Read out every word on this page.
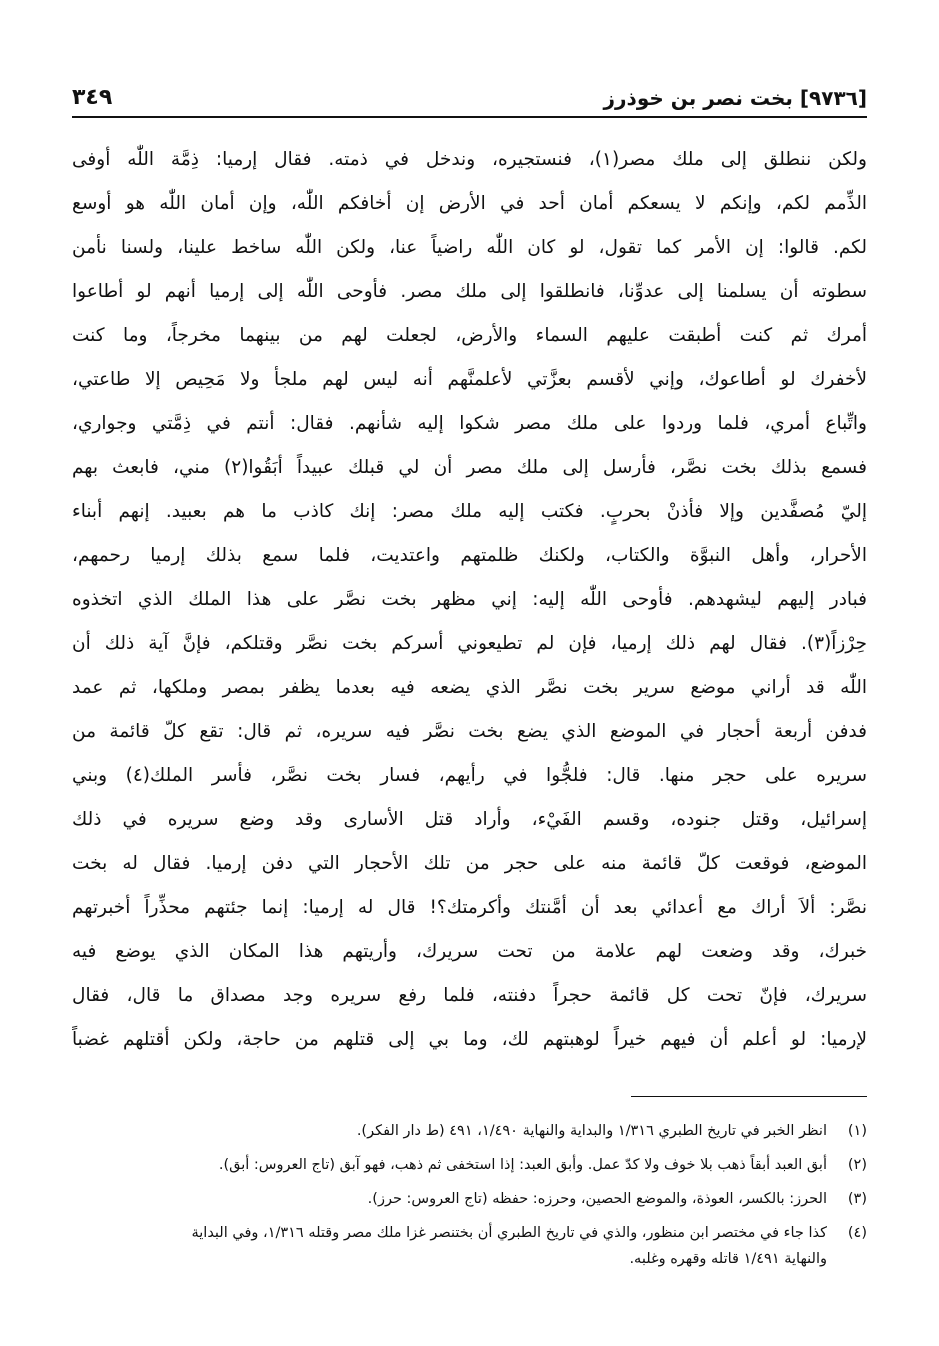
[٩٧٣٦] بخت نصر بن خوذرز
٣٤٩
ولكن ننطلق إلى ملك مصر(١)، فنستجيره، وندخل في ذمته. فقال إرميا: ذِمَّة اللّٰه أوفى
الذِّمم لكم، وإنكم لا يسعكم أمان أحد في الأرض إن أخافكم اللّٰه، وإن أمان اللّٰه هو أوسع
لكم. قالوا: إن الأمر كما تقول، لو كان اللّٰه راضياً عنا، ولكن اللّٰه ساخط علينا، ولسنا نأمن
سطوته أن يسلمنا إلى عدوِّنا، فانطلقوا إلى ملك مصر. فأوحى اللّٰه إلى إرميا أنهم لو أطاعوا
أمرك ثم كنت أطبقت عليهم السماء والأرض، لجعلت لهم من بينهما مخرجاً، وما كنت
لأخفرك لو أطاعوك، وإني لأقسم بعزَّتي لأعلمنَّهم أنه ليس لهم ملجأ ولا مَحِيص إلا طاعتي،
واتِّباع أمري، فلما وردوا على ملك مصر شكوا إليه شأنهم. فقال: أنتم في ذِمَّتي وجواري،
فسمع بذلك بخت نصَّر، فأرسل إلى ملك مصر أن لي قبلك عبيداً أبَقُوا(٢) مني، فابعث بهم
إليّ مُصفَّدين وإلا فأذنْ بحربٍ. فكتب إليه ملك مصر: إنك كاذب ما هم بعبيد. إنهم أبناء
الأحرار، وأهل النبوَّة والكتاب، ولكنك ظلمتهم واعتديت، فلما سمع بذلك إرميا رحمهم،
فبادر إليهم ليشهدهم. فأوحى اللّٰه إليه: إني مظهر بخت نصَّر على هذا الملك الذي اتخذوه
حِرْزاً(٣). فقال لهم ذلك إرميا، فإن لم تطيعوني أسركم بخت نصَّر وقتلكم، فإنَّ آية ذلك أن
اللّٰه قد أراني موضع سرير بخت نصَّر الذي يضعه فيه بعدما يظفر بمصر وملكها، ثم عمد
فدفن أربعة أحجار في الموضع الذي يضع بخت نصَّر فيه سريره، ثم قال: تقع كلّ قائمة من
سريره على حجر منها. قال: فلجُّوا في رأيهم، فسار بخت نصَّر، فأسر الملك(٤) وبني
إسرائيل، وقتل جنوده، وقسم الفَيْء، وأراد قتل الأسارى وقد وضع سريره في ذلك
الموضع، فوقعت كلّ قائمة منه على حجر من تلك الأحجار التي دفن إرميا. فقال له بخت
نصَّر: ألاَ أراك مع أعدائي بعد أن أمَّنتك وأكرمتك؟! قال له إرميا: إنما جئتهم محذِّراً أخبرتهم
خبرك، وقد وضعت لهم علامة من تحت سريرك، وأريتهم هذا المكان الذي يوضع فيه
سريرك، فإنّ تحت كل قائمة حجراً دفنته، فلما رفع سريره وجد مصداق ما قال، فقال
لإرميا: لو أعلم أن فيهم خيراً لوهبتهم لك، وما بي إلى قتلهم من حاجة، ولكن أقتلهم غضباً
(١)
انظر الخبر في تاريخ الطبري ١/٣١٦ والبداية والنهاية ١/٤٩٠، ٤٩١ (ط دار الفكر).
(٢)
أبق العبد أبقاً ذهب بلا خوف ولا كدّ عمل. وأبق العبد: إذا استخفى ثم ذهب، فهو آبق (تاج العروس: أبق).
(٣)
الحرز: بالكسر، العوذة، والموضع الحصين، وحرزه: حفظه (تاج العروس: حرز).
(٤)
كذا جاء في مختصر ابن منظور، والذي في تاريخ الطبري أن بختنصر غزا ملك مصر وقتله ١/٣١٦، وفي البداية
والنهاية ١/٤٩١ قاتله وقهره وغلبه.
